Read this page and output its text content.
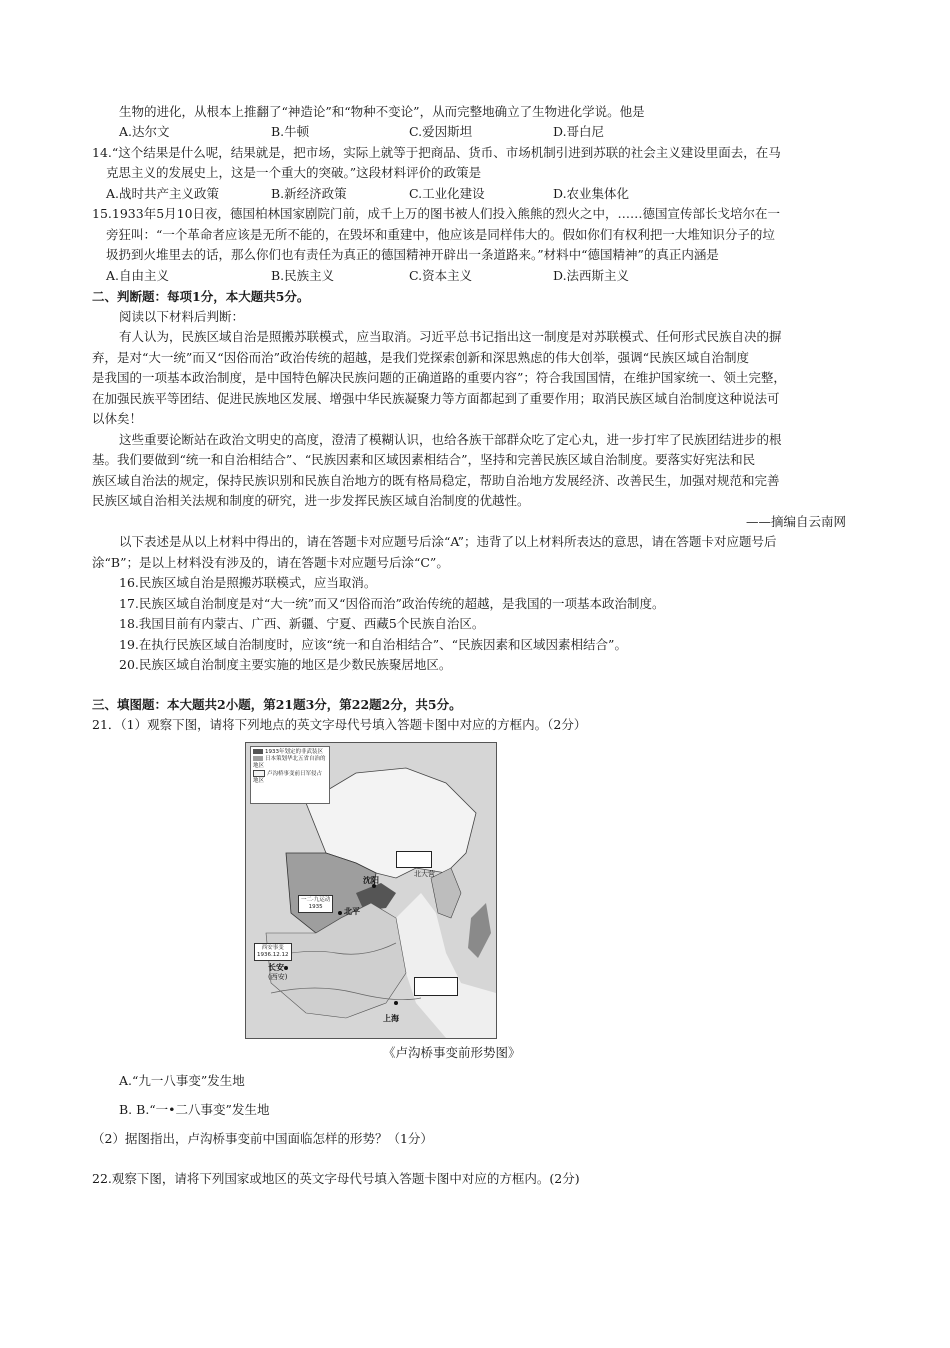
生物的进化，从根本上推翻了“神造论”和“物种不变论”，从而完整地确立了生物进化学说。他是
A.达尔文	B.牛顿	C.爱因斯坦	D.哥白尼
14.“这个结果是什么呢，结果就是，把市场，实际上就等于把商品、货币、市场机制引进到苏联的社会主义建设里面去，在马
克思主义的发展史上，这是一个重大的突破。”这段材料评价的政策是
A.战时共产主义政策	B.新经济政策	C.工业化建设	D.农业集体化
15.1933年5月10日夜，德国柏林国家剧院门前，成千上万的图书被人们投入熊熊的烈火之中，……德国宣传部长戈培尔在一
旁狂叫：“一个革命者应该是无所不能的，在毁坏和重建中，他应该是同样伟大的。假如你们有权利把一大堆知识分子的垃
圾扔到火堆里去的话，那么你们也有责任为真正的德国精神开辟出一条道路来。”材料中“德国精神”的真正内涵是
A.自由主义	B.民族主义	C.资本主义	D.法西斯主义
二、判断题：每项1分，本大题共5分。
阅读以下材料后判断：
有人认为，民族区域自治是照搬苏联模式，应当取消。习近平总书记指出这一制度是对苏联模式、任何形式民族自决的摒
弃，是对“大一统”而又“因俗而治”政治传统的超越，是我们党探索创新和深思熟虑的伟大创举，强调“民族区域自治制度
是我国的一项基本政治制度，是中国特色解决民族问题的正确道路的重要内容”；符合我国国情，在维护国家统一、领土完整，
在加强民族平等团结、促进民族地区发展、增强中华民族凝聚力等方面都起到了重要作用；取消民族区域自治制度这种说法可
以休矣！
这些重要论断站在政治文明史的高度，澄清了模糊认识，也给各族干部群众吃了定心丸，进一步打牢了民族团结进步的根
基。我们要做到“统一和自治相结合”、“民族因素和区域因素相结合”，坚持和完善民族区域自治制度。要落实好宪法和民
族区域自治法的规定，保持民族识别和民族自治地方的既有格局稳定，帮助自治地方发展经济、改善民生，加强对规范和完善
民族区域自治相关法规和制度的研究，进一步发挥民族区域自治制度的优越性。
——摘编自云南网
以下表述是从以上材料中得出的，请在答题卡对应题号后涂“A”；违背了以上材料所表达的意思，请在答题卡对应题号后
涂“B”；是以上材料没有涉及的，请在答题卡对应题号后涂“C”。
16.民族区域自治是照搬苏联模式，应当取消。
17.民族区域自治制度是对“大一统”而又“因俗而治”政治传统的超越，是我国的一项基本政治制度。
18.我国目前有内蒙古、广西、新疆、宁夏、西藏5个民族自治区。
19.在执行民族区域自治制度时，应该“统一和自治相结合”、“民族因素和区域因素相结合”。
20.民族区域自治制度主要实施的地区是少数民族聚居地区。
三、填图题：本大题共2小题，第21题3分，第22题2分，共5分。
21．（1）观察下图，请将下列地点的英文字母代号填入答题卡图中对应的方框内。（2分）
1933年划定的非武装区
日本策划华北五省自治的地区
卢沟桥事变前日军侵占地区
沈阳
北大营
北平
长安
(西安)
上海
一二·九运动
1935
西安事变
1936.12.12
《卢沟桥事变前形势图》
A.“九一八事变”发生地
B. B.“一•二八事变”发生地
（2）据图指出，卢沟桥事变前中国面临怎样的形势？（1分）
22.观察下图，请将下列国家或地区的英文字母代号填入答题卡图中对应的方框内。(2分)
